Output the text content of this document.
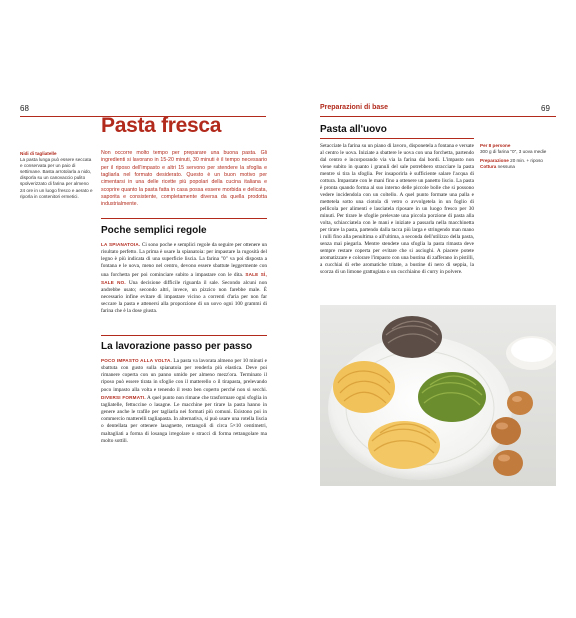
68
Nidi di tagliatelle
La pasta lunga può essere seccata e conservata per un paio di settimane. Basta arrotolarla a nido, disporla su un canovaccio pulito spolverizzato di farina per almeno 24 ore in un luogo fresco e aerato e riporla in contenitori ermetici.
Pasta fresca
Non occorre molto tempo per preparare una buona pasta. Gli ingredienti si lavorano in 15-20 minuti, 30 minuti è il tempo necessario per il riposo dell'impasto e altri 15 servono per stendere la sfoglia e tagliarla nel formato desiderato. Questo è un buon motivo per cimentarsi in una delle ricette più popolari della cucina italiana e scoprire quanto la pasta fatta in casa possa essere morbida e delicata, saporita e consistente, completamente diversa da quella prodotta industrialmente.
Poche semplici regole
LA SPIANATOIA. Ci sono poche e semplici regole da seguire per ottenere un risultato perfetto. La prima è usare la spianatoia: per impastare la rugosità del legno è più indicata di una superficie liscia. La farina "0" va poi disposta a fontana e le uova, meno nel centro, devono essere sbattute leggermente con una forchetta per poi cominciare subito a impastare con le dita. SALE SÌ, SALE NO. Una decisione difficile riguarda il sale. Secondo alcuni non andrebbe usato; secondo altri, invece, un pizzico non farebbe male. È necessario infine evitare di impastare vicino a correnti d'aria per non far seccare la pasta e attenersi alla proporzione di un uovo ogni 100 grammi di farina che è la dose giusta.
La lavorazione passo per passo
POCO IMPASTO ALLA VOLTA. La pasta va lavorata almeno per 10 minuti e sbattuta con gusto sulla spianatoia per renderla più elastica. Deve poi rimanere coperta con un panno umido per almeno mezz'ora. Terminato il riposo può essere tirata in sfoglie con il matterello o il tirapasta, prelevando poco impasto alla volta e tenendo il resto ben coperto perché non si secchi. DIVERSI FORMATI. A quel punto non rimane che trasformare ogni sfoglia in tagliatelle, fettuccine o lasagne. Le macchine per tirare la pasta hanno in genere anche le trafile per tagliarla nei formati più comuni. Esistono poi in commercio matterelli tagliapasta. In alternativa, si può usare una rotella liscia o dentellata per ottenere lasagnette, rettangoli di circa 5×10 centimetri, maltagliati a forma di losanga irregolare o stracci di forma rettangolare ma molto sottili.
Preparazioni di base	69
Pasta all'uovo
Setacciate la farina su un piano di lavoro, disponetela a fontana e versate al centro le uova. Iniziate a sbattere le uova con una forchetta, partendo dal centro e incorporando via via la farina dai bordi. L'impasto non viene subito in quanto i granuli del sale potrebbero stracciare la pasta mentre si tira la sfoglia. Per insaporirla è sufficiente salare l'acqua di cottura. Impastate con le mani fino a ottenere un panetto liscio. La pasta è pronta quando forma al suo interno delle piccole bolle che si possono vedere incidendola con un coltello. A quel punto formate una palla e mettetela sotto una ciotola di vetro o avvolgetela in un foglio di pellicola per alimenti e lasciatela riposare in un luogo fresco per 30 minuti. Per tirare le sfoglie prelevate una piccola porzione di pasta alla volta, schiacciatela con le mani e iniziate a passarla nella macchinetta per tirare la pasta, partendo dalla tacca più larga e stringendo man mano i rulli fino alla penultima o all'ultima, a seconda dell'utilizzo della pasta, senza mai piegarla. Mentre stendete una sfoglia la pasta rimasta deve sempre restare coperta per evitare che si asciughi. A piacere potete aromatizzare e colorare l'impasto con una bustina di zafferano in pistilli, a cucchiai di erbe aromatiche tritate, a bustine di nero di seppia, la scorza di un limone grattugiata o un cucchiaino di curry in polvere.
Per 8 persone
300 g di farina "0", 3 uova medie
Preparazione 20 min. + riposo
Cottura nessuna
